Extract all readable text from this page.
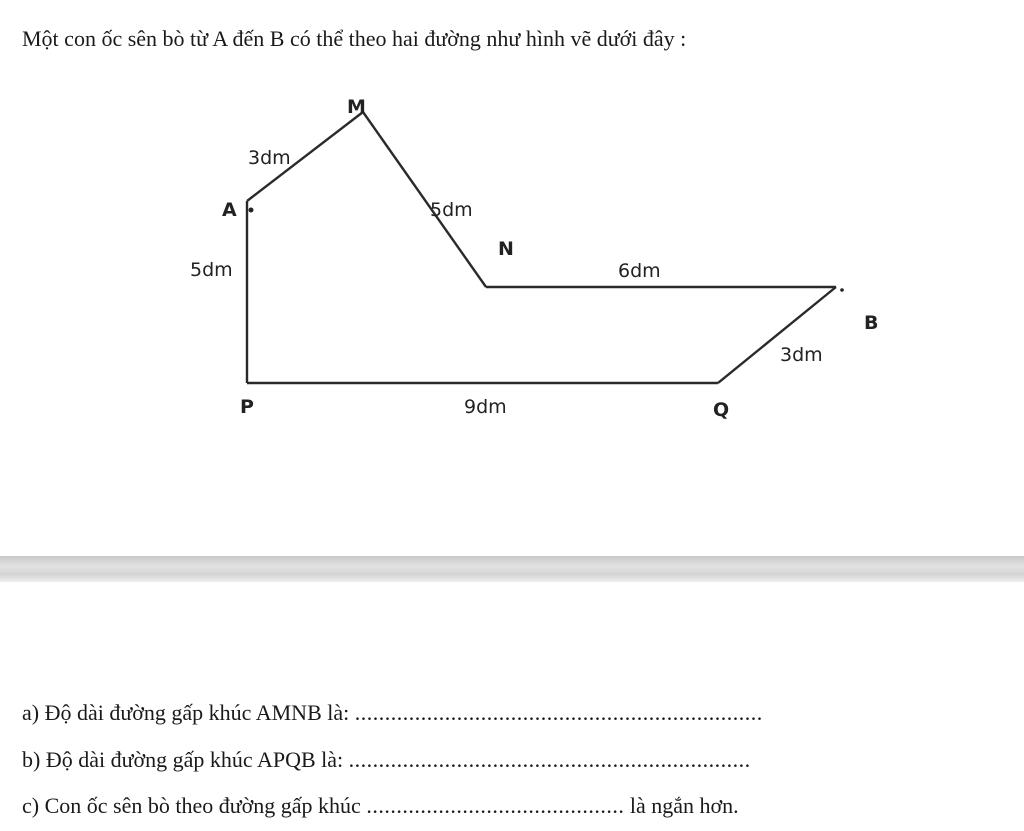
Một con ốc sên bò từ A đến B có thể theo hai đường như hình vẽ dưới đây :
A
M
N
B
P	Q
3dm
5dm
6dm
5dm
9dm
3dm
a) Độ dài đường gấp khúc AMNB là: ....................................................................
b) Độ dài đường gấp khúc APQB là: ...................................................................
c) Con ốc sên bò theo đường gấp khúc ........................................... là ngắn hơn.
